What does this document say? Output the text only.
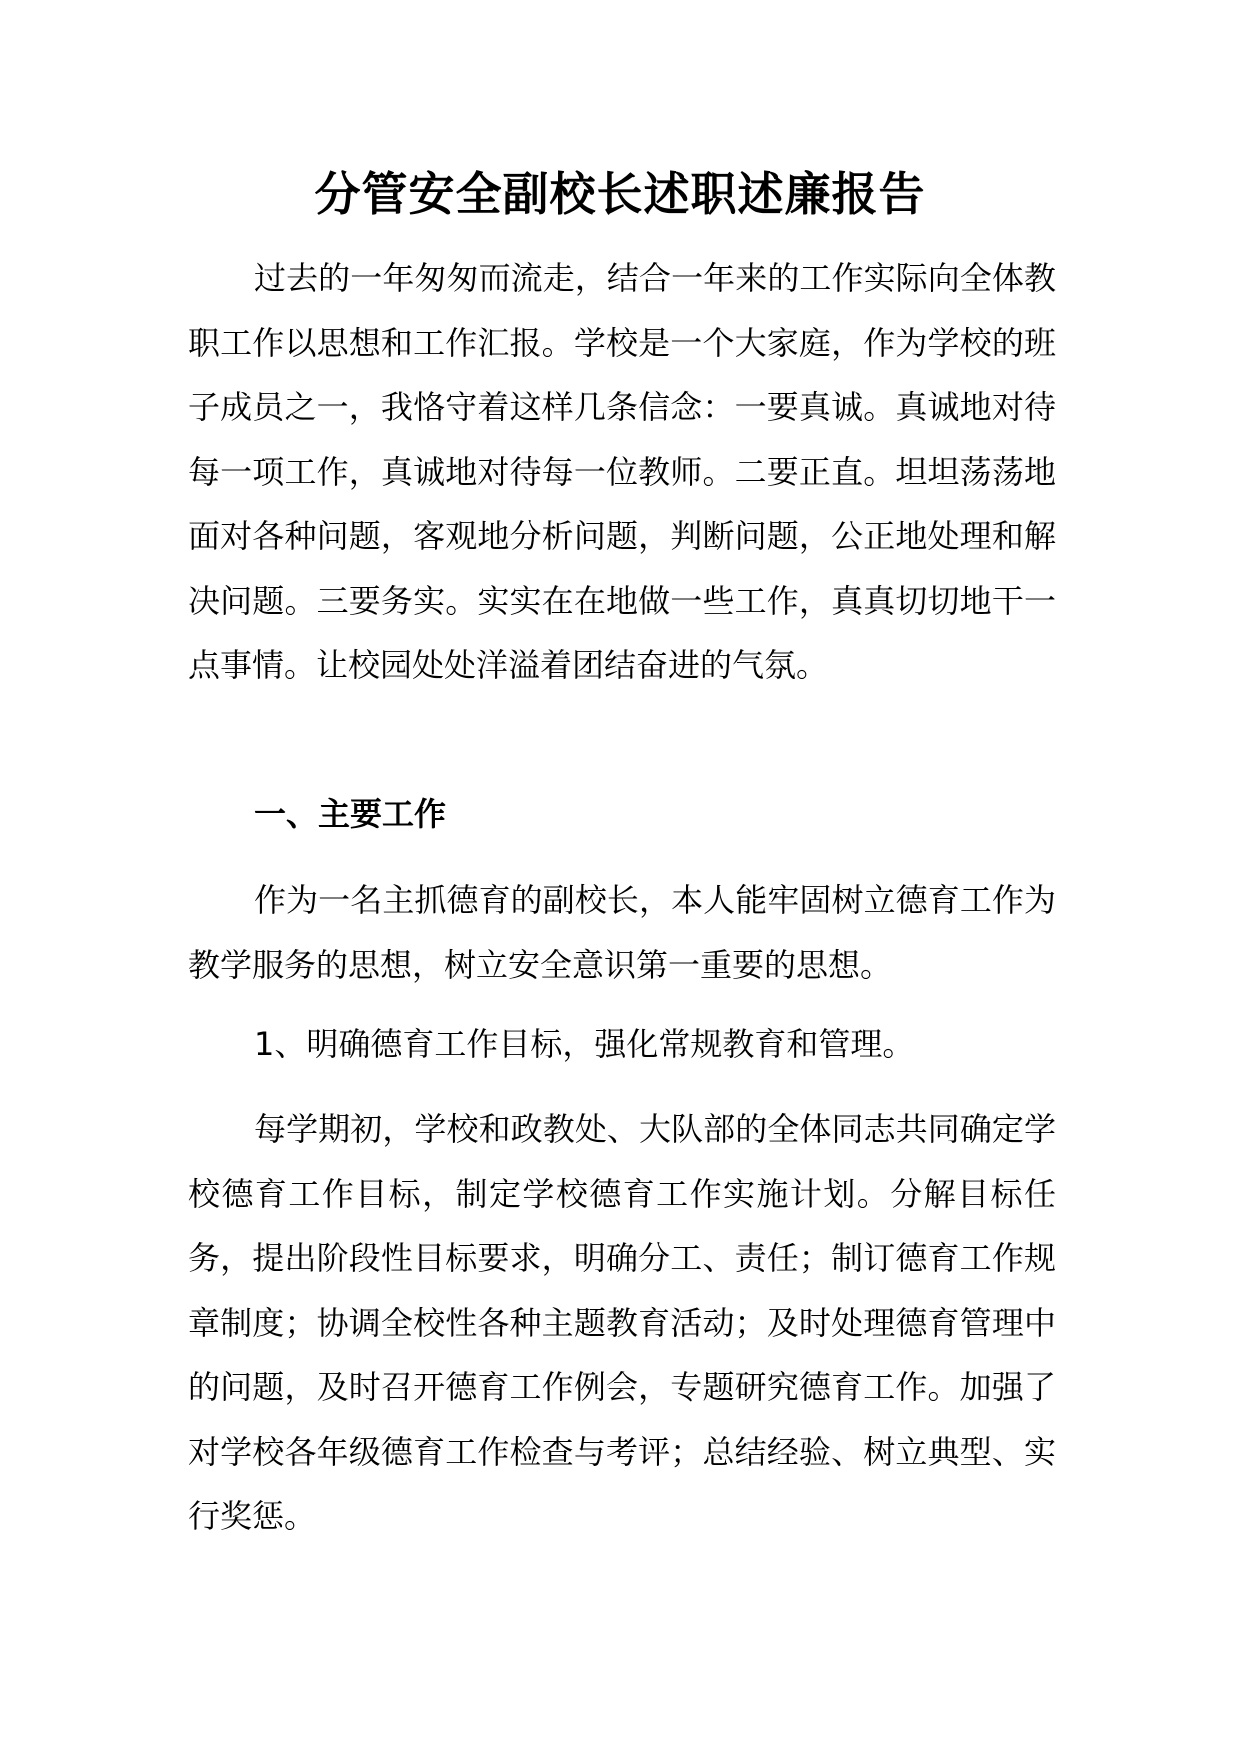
分管安全副校长述职述廉报告

过去的一年匆匆而流走，结合一年来的工作实际向全体教职工作以思想和工作汇报。学校是一个大家庭，作为学校的班子成员之一，我恪守着这样几条信念：一要真诚。真诚地对待每一项工作，真诚地对待每一位教师。二要正直。坦坦荡荡地面对各种问题，客观地分析问题，判断问题，公正地处理和解决问题。三要务实。实实在在地做一些工作，真真切切地干一点事情。让校园处处洋溢着团结奋进的气氛。

一、主要工作

作为一名主抓德育的副校长，本人能牢固树立德育工作为教学服务的思想，树立安全意识第一重要的思想。

1、明确德育工作目标，强化常规教育和管理。

每学期初，学校和政教处、大队部的全体同志共同确定学校德育工作目标，制定学校德育工作实施计划。分解目标任务，提出阶段性目标要求，明确分工、责任；制订德育工作规章制度；协调全校性各种主题教育活动；及时处理德育管理中的问题，及时召开德育工作例会，专题研究德育工作。加强了对学校各年级德育工作检查与考评；总结经验、树立典型、实行奖惩。
